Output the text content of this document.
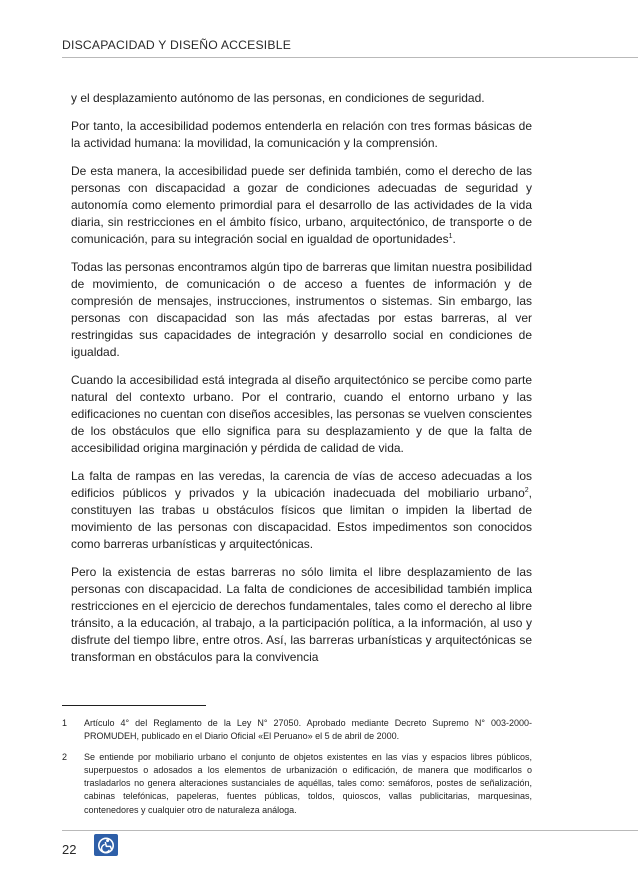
DISCAPACIDAD Y DISEÑO ACCESIBLE

y el desplazamiento autónomo de las personas, en condiciones de seguridad.

Por tanto, la accesibilidad podemos entenderla en relación con tres formas básicas de la actividad humana: la movilidad, la comunicación y la comprensión.

De esta manera, la accesibilidad puede ser definida también, como el derecho de las personas con discapacidad a gozar de condiciones adecuadas de seguridad y autonomía como elemento primordial para el desarrollo de las actividades de la vida diaria, sin restricciones en el ámbito físico, urbano, arquitectónico, de transporte o de comunicación, para su integración social en igualdad de oportunidades$^1$.

Todas las personas encontramos algún tipo de barreras que limitan nuestra posibilidad de movimiento, de comunicación o de acceso a fuentes de información y de compresión de mensajes, instrucciones, instrumentos o sistemas. Sin embargo, las personas con discapacidad son las más afectadas por estas barreras, al ver restringidas sus capacidades de integración y desarrollo social en condiciones de igualdad.

Cuando la accesibilidad está integrada al diseño arquitectónico se percibe como parte natural del contexto urbano. Por el contrario, cuando el entorno urbano y las edificaciones no cuentan con diseños accesibles, las personas se vuelven conscientes de los obstáculos que ello significa para su desplazamiento y de que la falta de accesibilidad origina marginación y pérdida de calidad de vida.

La falta de rampas en las veredas, la carencia de vías de acceso adecuadas a los edificios públicos y privados y la ubicación inadecuada del mobiliario urbano$^2$, constituyen las trabas u obstáculos físicos que limitan o impiden la libertad de movimiento de las personas con discapacidad. Estos impedimentos son conocidos como barreras urbanísticas y arquitectónicas.

Pero la existencia de estas barreras no sólo limita el libre desplazamiento de las personas con discapacidad. La falta de condiciones de accesibilidad también implica restricciones en el ejercicio de derechos fundamentales, tales como el derecho al libre tránsito, a la educación, al trabajo, a la participación política, a la información, al uso y disfrute del tiempo libre, entre otros. Así, las barreras urbanísticas y arquitectónicas se transforman en obstáculos para la convivencia

1 Artículo 4° del Reglamento de la Ley N° 27050. Aprobado mediante Decreto Supremo N° 003-2000-PROMUDEH, publicado en el Diario Oficial «El Peruano» el 5 de abril de 2000.
2 Se entiende por mobiliario urbano el conjunto de objetos existentes en las vías y espacios libres públicos, superpuestos o adosados a los elementos de urbanización o edificación, de manera que modificarlos o trasladarlos no genera alteraciones sustanciales de aquéllas, tales como: semáforos, postes de señalización, cabinas telefónicas, papeleras, fuentes públicas, toldos, quioscos, vallas publicitarias, marquesinas, contenedores y cualquier otro de naturaleza análoga.
22
